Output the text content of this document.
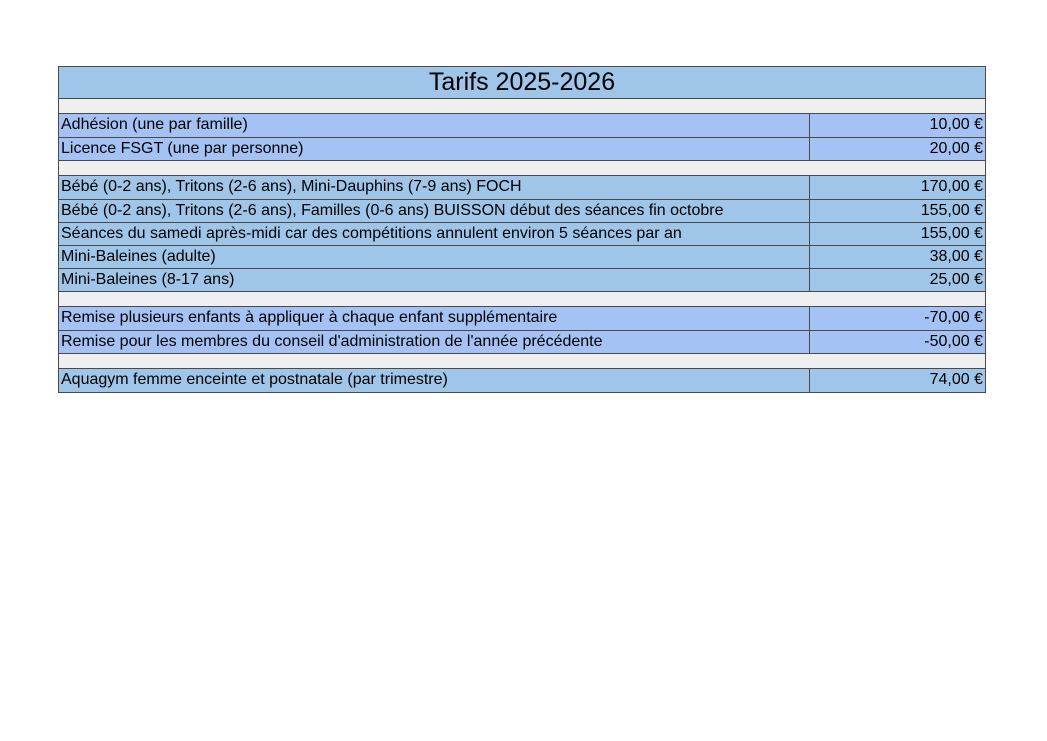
Tarifs 2025-2026
Adhésion (une par famille)	10,00 €
Licence FSGT (une par personne)	20,00 €
Bébé (0-2 ans), Tritons (2-6 ans), Mini-Dauphins (7-9 ans) FOCH	170,00 €
Bébé (0-2 ans), Tritons (2-6 ans), Familles (0-6 ans) BUISSON début des séances fin octobre	155,00 €
Séances du samedi après-midi car des compétitions annulent environ 5 séances par an	155,00 €
Mini-Baleines (adulte)	38,00 €
Mini-Baleines (8-17 ans)	25,00 €
Remise plusieurs enfants à appliquer à chaque enfant supplémentaire	-70,00 €
Remise pour les membres du conseil d'administration de l'année précédente	-50,00 €
Aquagym femme enceinte et postnatale (par trimestre)	74,00 €
